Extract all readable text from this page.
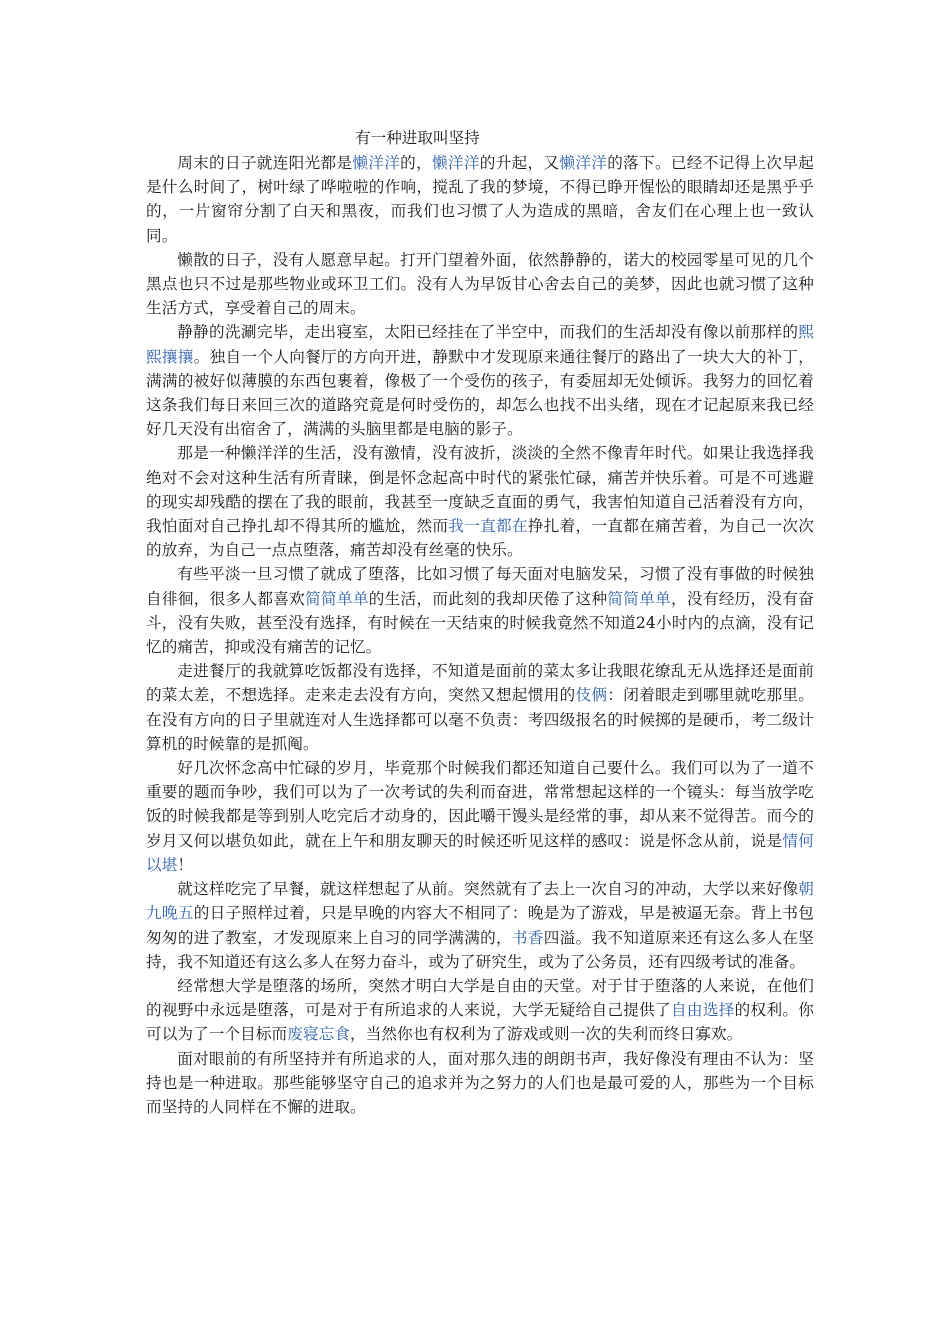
有一种进取叫坚持

周末的日子就连阳光都是懒洋洋的，懒洋洋的升起，又懒洋洋的落下。已经不记得上次早起是什么时间了，树叶绿了哗啦啦的作响，搅乱了我的梦境，不得已睁开惺忪的眼睛却还是黑乎乎的，一片窗帘分割了白天和黑夜，而我们也习惯了人为造成的黑暗，舍友们在心理上也一致认同。

懒散的日子，没有人愿意早起。打开门望着外面，依然静静的，诺大的校园零星可见的几个黑点也只不过是那些物业或环卫工们。没有人为早饭甘心舍去自己的美梦，因此也就习惯了这种生活方式，享受着自己的周末。

静静的洗涮完毕，走出寝室，太阳已经挂在了半空中，而我们的生活却没有像以前那样的熙熙攘攘。独自一个人向餐厅的方向开进，静默中才发现原来通往餐厅的路出了一块大大的补丁，满满的被好似薄膜的东西包裹着，像极了一个受伤的孩子，有委屈却无处倾诉。我努力的回忆着这条我们每日来回三次的道路究竟是何时受伤的，却怎么也找不出头绪，现在才记起原来我已经好几天没有出宿舍了，满满的头脑里都是电脑的影子。

那是一种懒洋洋的生活，没有激情，没有波折，淡淡的全然不像青年时代。如果让我选择我绝对不会对这种生活有所青睐，倒是怀念起高中时代的紧张忙碌，痛苦并快乐着。可是不可逃避的现实却残酷的摆在了我的眼前，我甚至一度缺乏直面的勇气，我害怕知道自己活着没有方向，我怕面对自己挣扎却不得其所的尴尬，然而我一直都在挣扎着，一直都在痛苦着，为自己一次次的放弃，为自己一点点堕落，痛苦却没有丝毫的快乐。

有些平淡一旦习惯了就成了堕落，比如习惯了每天面对电脑发呆，习惯了没有事做的时候独自徘徊，很多人都喜欢简简单单的生活，而此刻的我却厌倦了这种简简单单，没有经历，没有奋斗，没有失败，甚至没有选择，有时候在一天结束的时候我竟然不知道24小时内的点滴，没有记忆的痛苦，抑或没有痛苦的记忆。

走进餐厅的我就算吃饭都没有选择，不知道是面前的菜太多让我眼花缭乱无从选择还是面前的菜太差，不想选择。走来走去没有方向，突然又想起惯用的伎俩：闭着眼走到哪里就吃那里。在没有方向的日子里就连对人生选择都可以毫不负责：考四级报名的时候掷的是硬币，考二级计算机的时候靠的是抓阄。

好几次怀念高中忙碌的岁月，毕竟那个时候我们都还知道自己要什么。我们可以为了一道不重要的题而争吵，我们可以为了一次考试的失利而奋进，常常想起这样的一个镜头：每当放学吃饭的时候我都是等到别人吃完后才动身的，因此嚼干馒头是经常的事，却从来不觉得苦。而今的岁月又何以堪负如此，就在上午和朋友聊天的时候还听见这样的感叹：说是怀念从前，说是情何以堪！

就这样吃完了早餐，就这样想起了从前。突然就有了去上一次自习的冲动，大学以来好像朝九晚五的日子照样过着，只是早晚的内容大不相同了：晚是为了游戏，早是被逼无奈。背上书包匆匆的进了教室，才发现原来上自习的同学满满的，书香四溢。我不知道原来还有这么多人在坚持，我不知道还有这么多人在努力奋斗，或为了研究生，或为了公务员，还有四级考试的准备。

经常想大学是堕落的场所，突然才明白大学是自由的天堂。对于甘于堕落的人来说，在他们的视野中永远是堕落，可是对于有所追求的人来说，大学无疑给自己提供了自由选择的权利。你可以为了一个目标而废寝忘食，当然你也有权利为了游戏或则一次的失利而终日寡欢。

面对眼前的有所坚持并有所追求的人，面对那久违的朗朗书声，我好像没有理由不认为：坚持也是一种进取。那些能够坚守自己的追求并为之努力的人们也是最可爱的人，那些为一个目标而坚持的人同样在不懈的进取。
